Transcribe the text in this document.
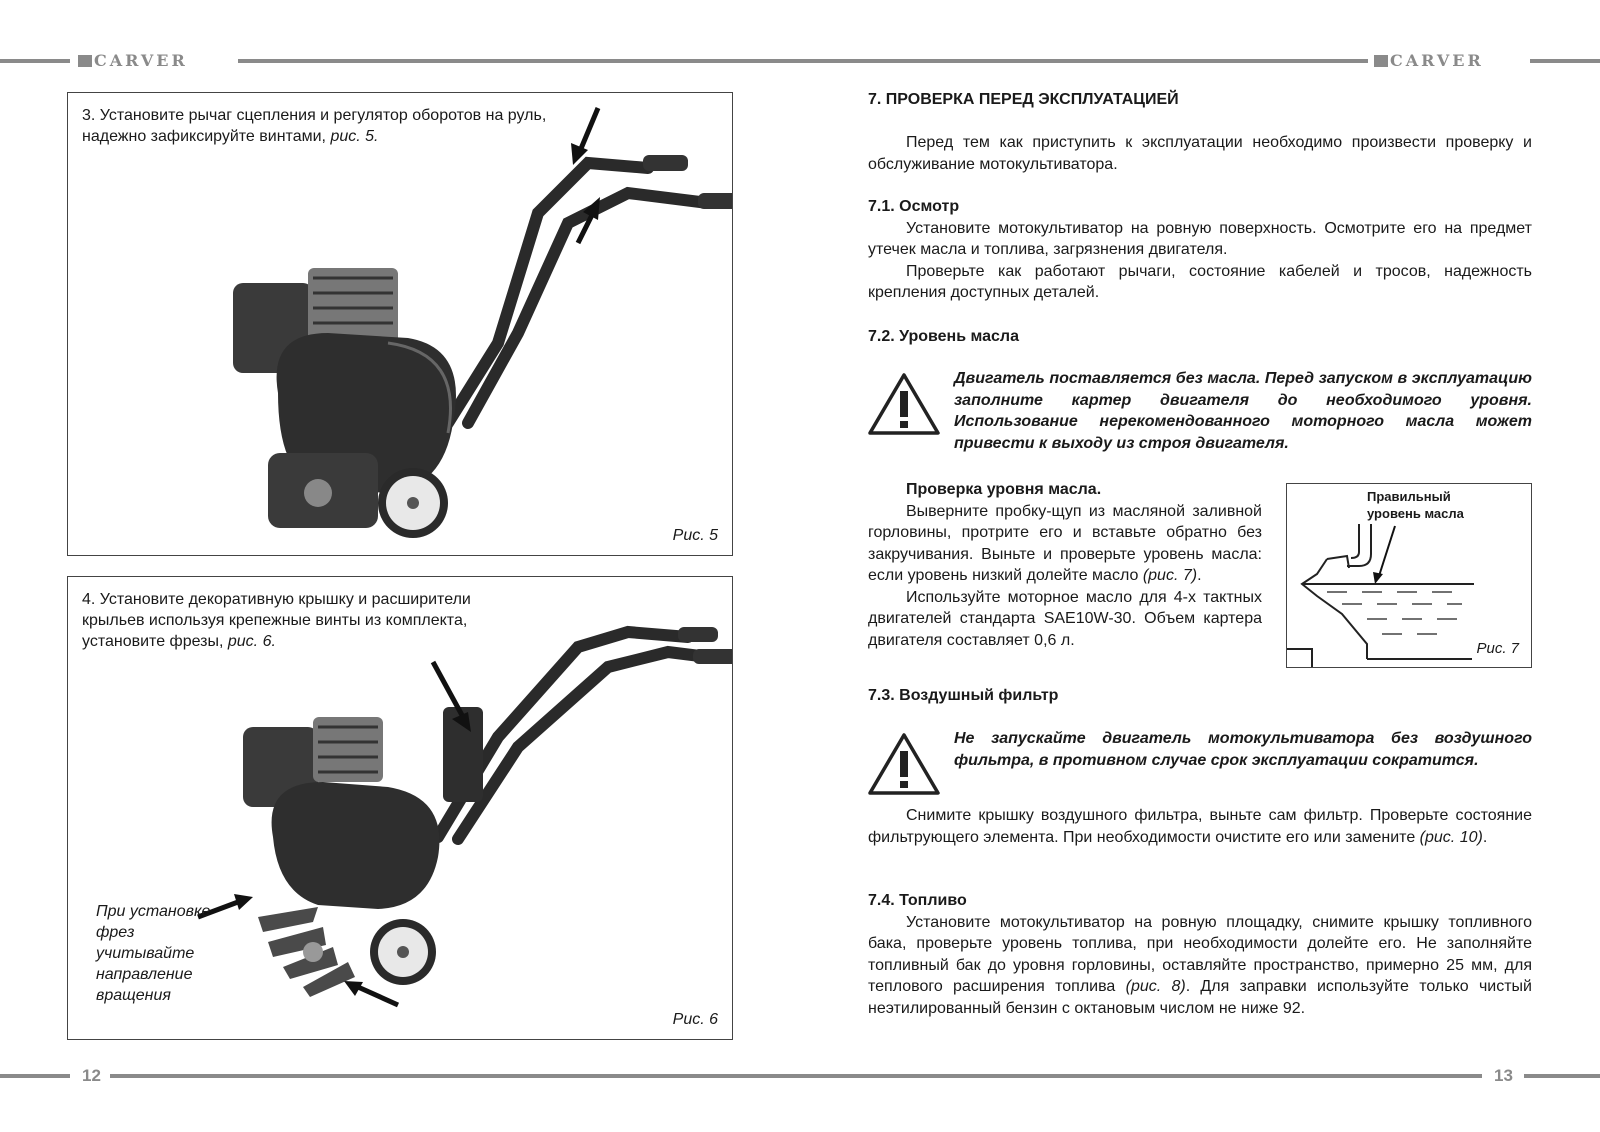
CARVER	CARVER
3. Установите рычаг сцепления и регулятор оборотов на руль, надежно зафиксируйте винтами, рис. 5.
Рис. 5
4. Установите декоративную крышку и расширители крыльев используя крепежные винты из комплекта, установите фрезы, рис. 6.
При установке фрез учитывайте направление вращения
Рис. 6
12	13
7. ПРОВЕРКА ПЕРЕД ЭКСПЛУАТАЦИЕЙ

Перед тем как приступить к эксплуатации необходимо произвести проверку и обслуживание мотокультиватора.

7.1. Осмотр

Установите мотокультиватор на ровную поверхность. Осмотрите его на предмет утечек масла и топлива, загрязнения двигателя.

Проверьте как работают рычаги, состояние кабелей и тросов, надежность крепления доступных деталей.

7.2. Уровень масла
Двигатель поставляется без масла. Перед запуском в эксплуатацию заполните картер двигателя до необходимого уровня. Использование нерекомендованного моторного масла может привести к выходу из строя двигателя.
Проверка уровня масла.

Выверните пробку-щуп из масляной заливной горловины, протрите его и вставьте обратно без закручивания. Выньте и проверьте уровень масла: если уровень низкий долейте масло (рис. 7).

Используйте моторное масло для 4-х тактных двигателей стандарта SAE10W-30. Объем картера двигателя составляет 0,6 л.

Правильный уровень масла
Рис. 7
7.3. Воздушный фильтр
Не запускайте двигатель мотокультиватора без воздушного фильтра, в противном случае срок эксплуатации сократится.

Снимите крышку воздушного фильтра, выньте сам фильтр. Проверьте состояние фильтрующего элемента. При необходимости очистите его или замените (рис. 10).

7.4. Топливо

Установите мотокультиватор на ровную площадку, снимите крышку топливного бака, проверьте уровень топлива, при необходимости долейте его. Не заполняйте топливный бак до уровня горловины, оставляйте пространство, примерно 25 мм, для теплового расширения топлива (рис. 8). Для заправки используйте только чистый неэтилированный бензин с октановым числом не ниже 92.
